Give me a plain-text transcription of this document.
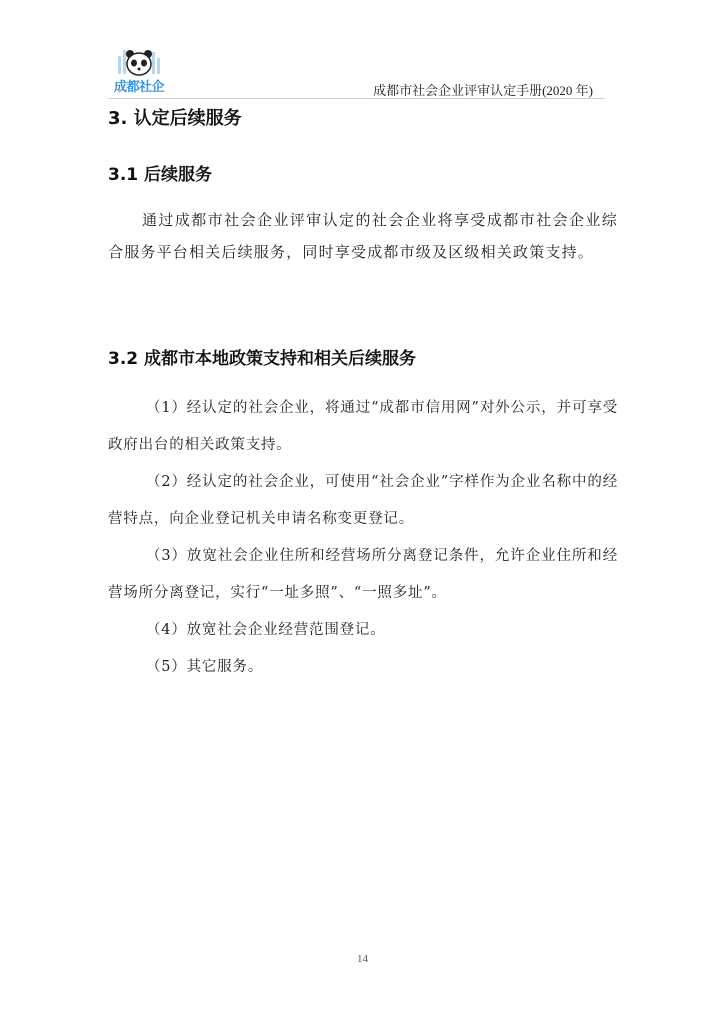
成都社企	成都市社会企业评审认定手册(2020 年)
3. 认定后续服务
3.1 后续服务
通过成都市社会企业评审认定的社会企业将享受成都市社会企业综合服务平台相关后续服务，同时享受成都市级及区级相关政策支持。
3.2 成都市本地政策支持和相关后续服务
（1）经认定的社会企业，将通过“成都市信用网”对外公示，并可享受政府出台的相关政策支持。
（2）经认定的社会企业，可使用“社会企业”字样作为企业名称中的经营特点，向企业登记机关申请名称变更登记。
（3）放宽社会企业住所和经营场所分离登记条件，允许企业住所和经营场所分离登记，实行“一址多照”、“一照多址”。
（4）放宽社会企业经营范围登记。
（5）其它服务。
14
